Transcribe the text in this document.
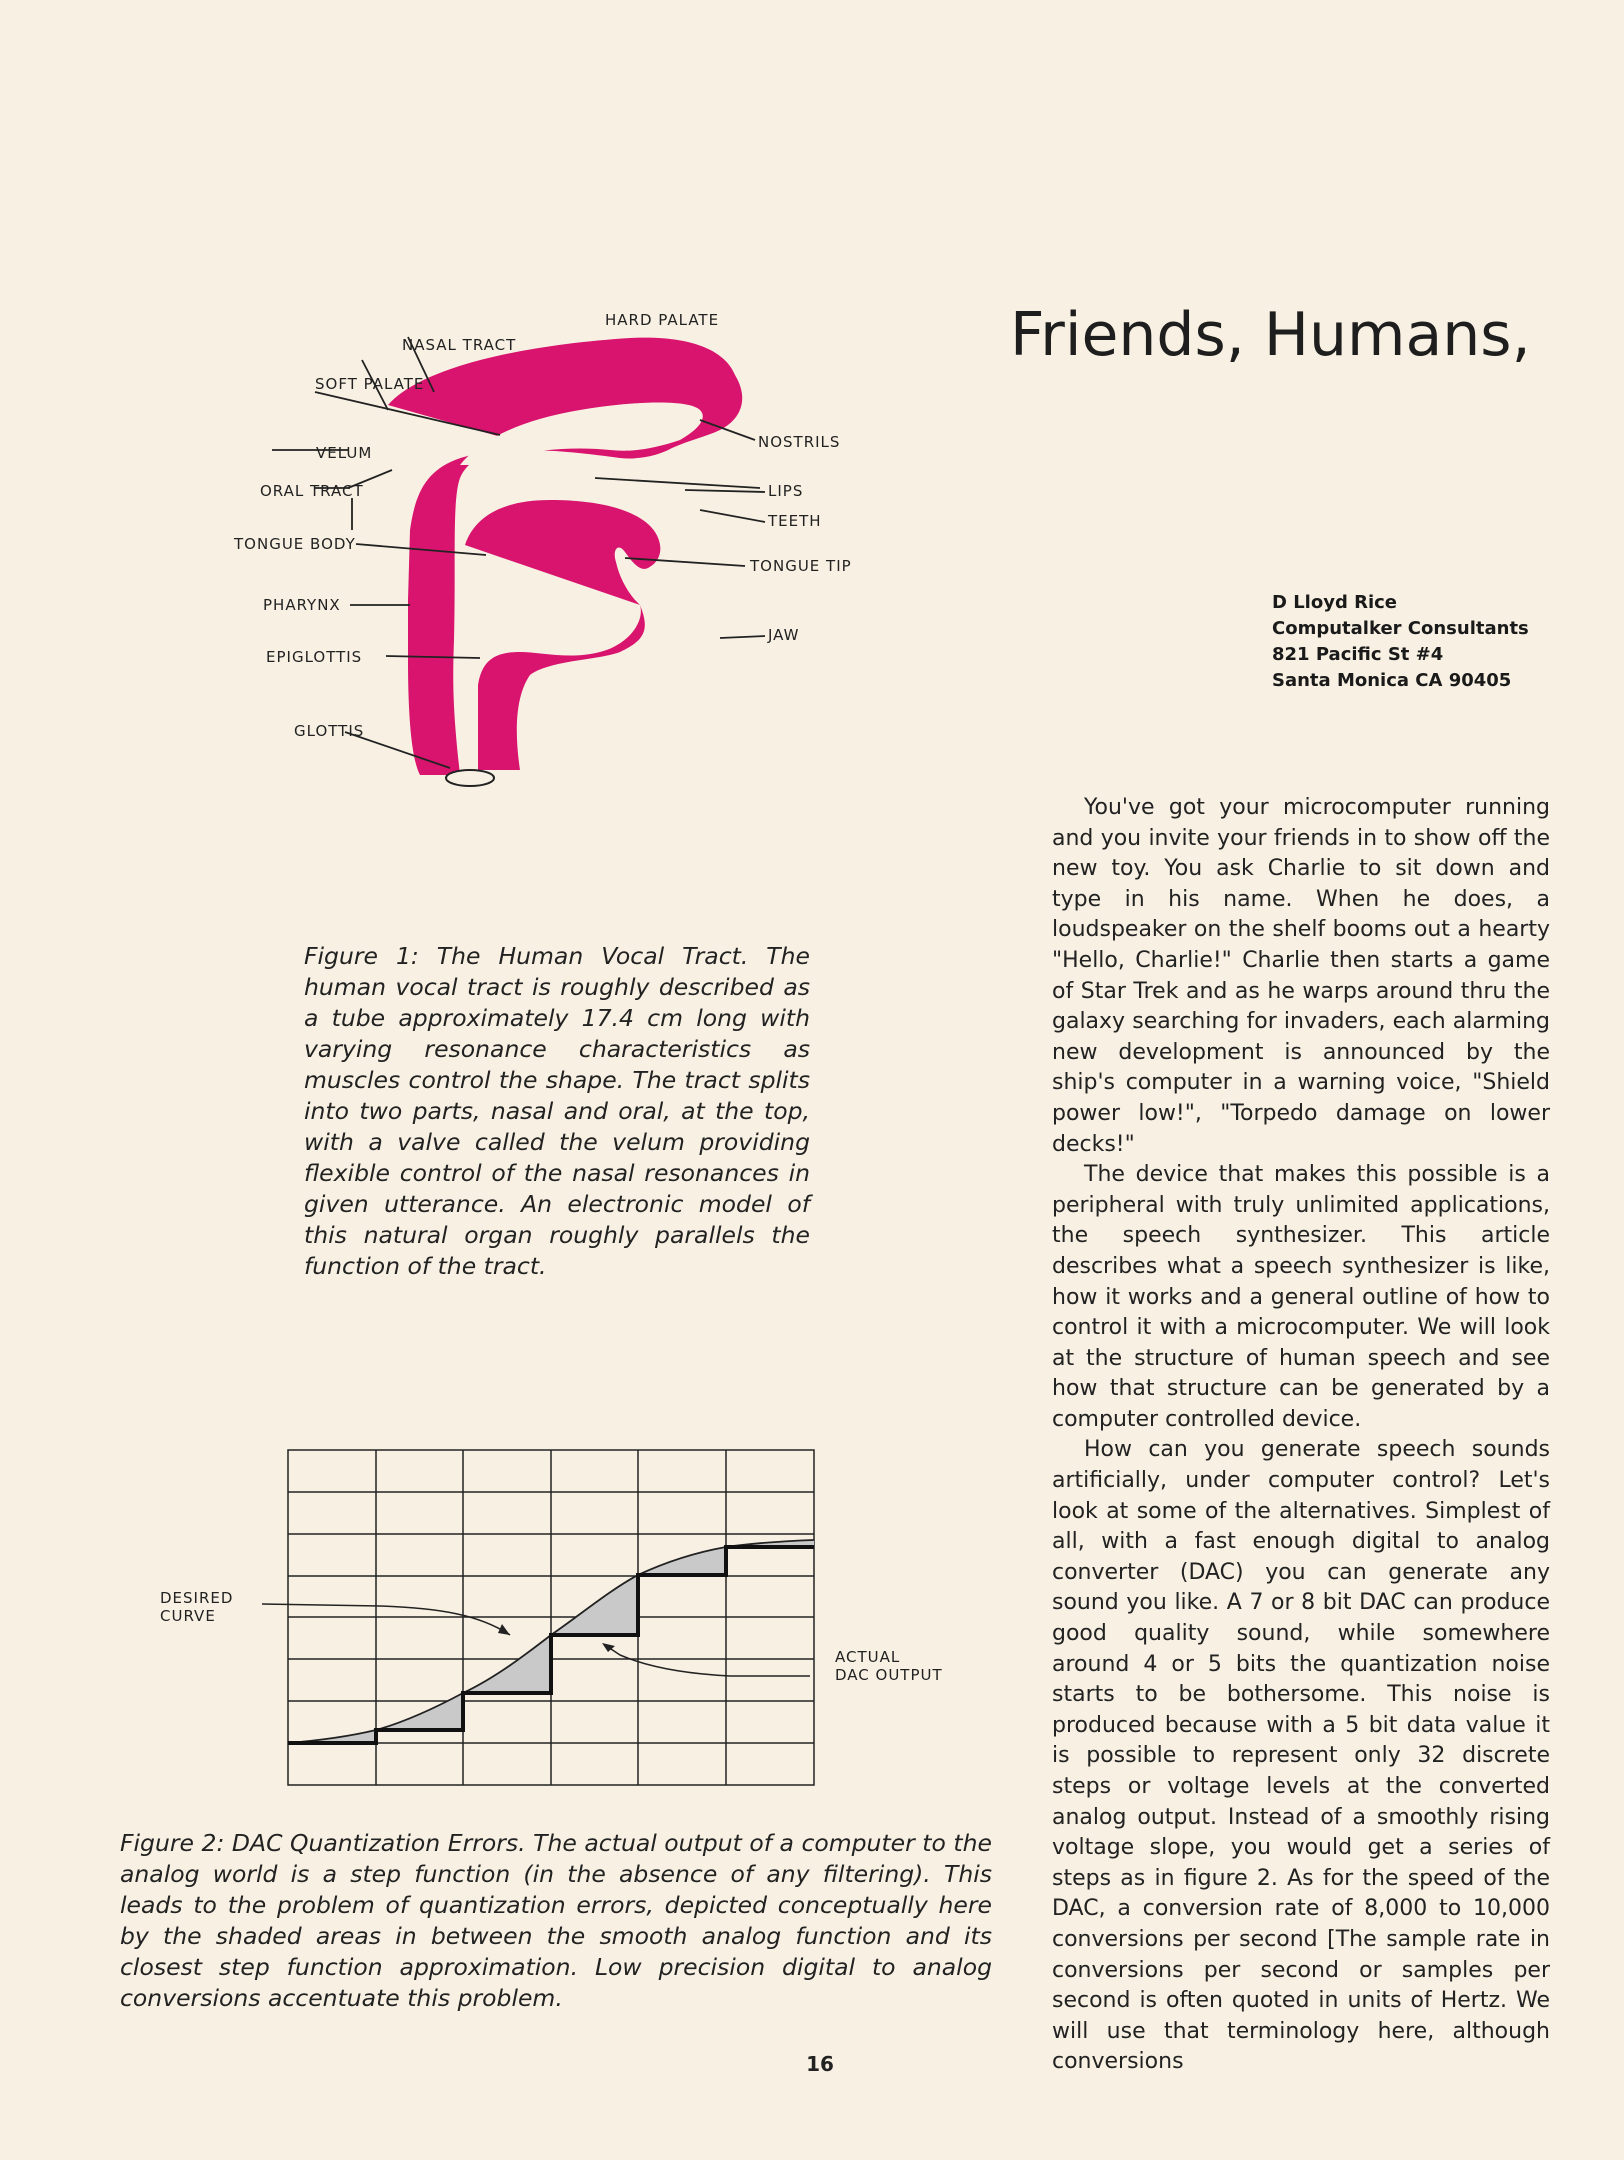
HARD PALATE
NASAL TRACT
SOFT PALATE
VELUM
ORAL TRACT
TONGUE BODY
PHARYNX
EPIGLOTTIS
GLOTTIS
NOSTRILS
LIPS
TEETH
TONGUE TIP
JAW

Figure 1: The Human Vocal Tract. The human vocal tract is roughly described as a tube approximately 17.4 cm long with varying resonance characteristics as muscles control the shape. The tract splits into two parts, nasal and oral, at the top, with a valve called the velum providing flexible control of the nasal resonances in given utterance. An electronic model of this natural organ roughly parallels the function of the tract.

DESIRED
CURVE
ACTUAL
DAC OUTPUT

Figure 2: DAC Quantization Errors. The actual output of a computer to the analog world is a step function (in the absence of any filtering). This leads to the problem of quantization errors, depicted conceptually here by the shaded areas in between the smooth analog function and its closest step function approximation. Low precision digital to analog conversions accentuate this problem.

Friends, Humans,
D Lloyd Rice
Computalker Consultants
821 Pacific St #4
Santa Monica CA 90405

You've got your microcomputer running and you invite your friends in to show off the new toy. You ask Charlie to sit down and type in his name. When he does, a loudspeaker on the shelf booms out a hearty "Hello, Charlie!" Charlie then starts a game of Star Trek and as he warps around thru the galaxy searching for invaders, each alarming new development is announced by the ship's computer in a warning voice, "Shield power low!", "Torpedo damage on lower decks!"

The device that makes this possible is a peripheral with truly unlimited applications, the speech synthesizer. This article describes what a speech synthesizer is like, how it works and a general outline of how to control it with a microcomputer. We will look at the structure of human speech and see how that structure can be generated by a computer controlled device.

How can you generate speech sounds artificially, under computer control? Let's look at some of the alternatives. Simplest of all, with a fast enough digital to analog converter (DAC) you can generate any sound you like. A 7 or 8 bit DAC can produce good quality sound, while somewhere around 4 or 5 bits the quantization noise starts to be bothersome. This noise is produced because with a 5 bit data value it is possible to represent only 32 discrete steps or voltage levels at the converted analog output. Instead of a smoothly rising voltage slope, you would get a series of steps as in figure 2. As for the speed of the DAC, a conversion rate of 8,000 to 10,000 conversions per second [The sample rate in conversions per second or samples per second is often quoted in units of Hertz. We will use that terminology here, although conversions

16
